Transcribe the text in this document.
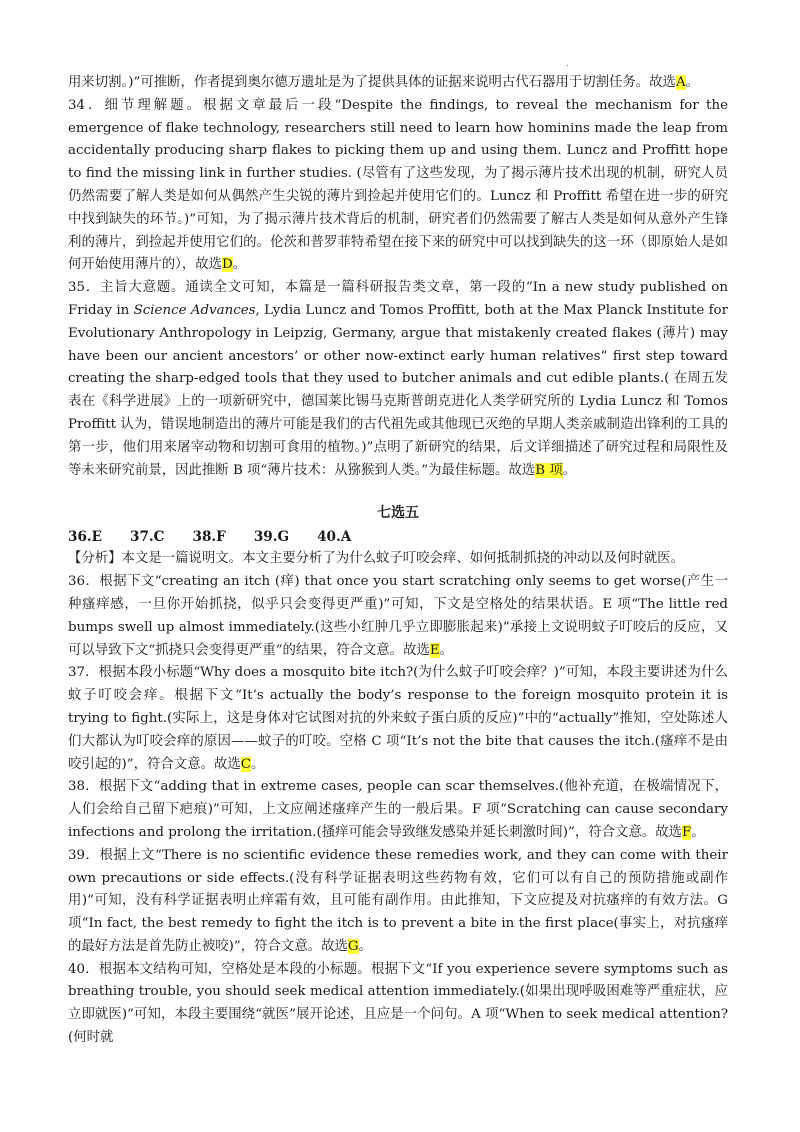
.

用来切割。)”可推断，作者提到奥尔德万遗址是为了提供具体的证据来说明古代石器用于切割任务。故选A。

34．细节理解题。根据文章最后一段“Despite the findings, to reveal the mechanism for the emergence of flake technology, researchers still need to learn how hominins made the leap from accidentally producing sharp flakes to picking them up and using them. Luncz and Proffitt hope to find the missing link in further studies. (尽管有了这些发现，为了揭示薄片技术出现的机制，研究人员仍然需要了解人类是如何从偶然产生尖锐的薄片到捡起并使用它们的。Luncz 和 Proffitt 希望在进一步的研究中找到缺失的环节。)”可知，为了揭示薄片技术背后的机制，研究者们仍然需要了解古人类是如何从意外产生锋利的薄片，到捡起并使用它们的。伦茨和普罗菲特希望在接下来的研究中可以找到缺失的这一环（即原始人是如何开始使用薄片的），故选D。

35．主旨大意题。通读全文可知，本篇是一篇科研报告类文章，第一段的“In a new study published on Friday in Science Advances, Lydia Luncz and Tomos Proffitt, both at the Max Planck Institute for Evolutionary Anthropology in Leipzig, Germany, argue that mistakenly created flakes (薄片) may have been our ancient ancestors’ or other now-extinct early human relatives“ first step toward creating the sharp-edged tools that they used to butcher animals and cut edible plants.( 在周五发表在《科学进展》上的一项新研究中，德国莱比锡马克斯普朗克进化人类学研究所的 Lydia Luncz 和 Tomos Proffitt 认为，错误地制造出的薄片可能是我们的古代祖先或其他现已灭绝的早期人类亲戚制造出锋利的工具的第一步，他们用来屠宰动物和切割可食用的植物。)”点明了新研究的结果，后文详细描述了研究过程和局限性及等未来研究前景，因此推断 B 项“薄片技术：从猕猴到人类。”为最佳标题。故选B 项。

七选五

36.E 37.C 38.F 39.G 40.A

【分析】本文是一篇说明文。本文主要分析了为什么蚊子叮咬会痒、如何抵制抓挠的冲动以及何时就医。

36．根据下文“creating an itch (痒) that once you start scratching only seems to get worse(产生一种瘙痒感，一旦你开始抓挠，似乎只会变得更严重)”可知，下文是空格处的结果状语。E 项“The little red bumps swell up almost immediately.(这些小红肿几乎立即膨胀起来)”承接上文说明蚊子叮咬后的反应，又可以导致下文“抓挠只会变得更严重”的结果，符合文意。故选E。

37．根据本段小标题“Why does a mosquito bite itch?(为什么蚊子叮咬会痒？)”可知，本段主要讲述为什么蚊子叮咬会痒。根据下文“It’s actually the body’s response to the foreign mosquito protein it is trying to fight.(实际上，这是身体对它试图对抗的外来蚊子蛋白质的反应)”中的“actually”推知，空处陈述人们大都认为叮咬会痒的原因——蚊子的叮咬。空格 C 项“It’s not the bite that causes the itch.(瘙痒不是由咬引起的)”，符合文意。故选C。

38．根据下文“adding that in extreme cases, people can scar themselves.(他补充道，在极端情况下，人们会给自己留下疤痕)”可知，上文应阐述瘙痒产生的一般后果。F 项“Scratching can cause secondary infections and prolong the irritation.(搔痒可能会导致继发感染并延长刺激时间)”，符合文意。故选F。

39．根据上文“There is no scientific evidence these remedies work, and they can come with their own precautions or side effects.(没有科学证据表明这些药物有效，它们可以有自己的预防措施或副作用)”可知，没有科学证据表明止痒霜有效，且可能有副作用。由此推知，下文应提及对抗瘙痒的有效方法。G 项“In fact, the best remedy to fight the itch is to prevent a bite in the first place(事实上，对抗瘙痒的最好方法是首先防止被咬)”，符合文意。故选G。

40．根据本文结构可知，空格处是本段的小标题。根据下文“If you experience severe symptoms such as breathing trouble, you should seek medical attention immediately.(如果出现呼吸困难等严重症状，应立即就医)”可知，本段主要围绕“就医”展开论述，且应是一个问句。A 项“When to seek medical attention? (何时就
